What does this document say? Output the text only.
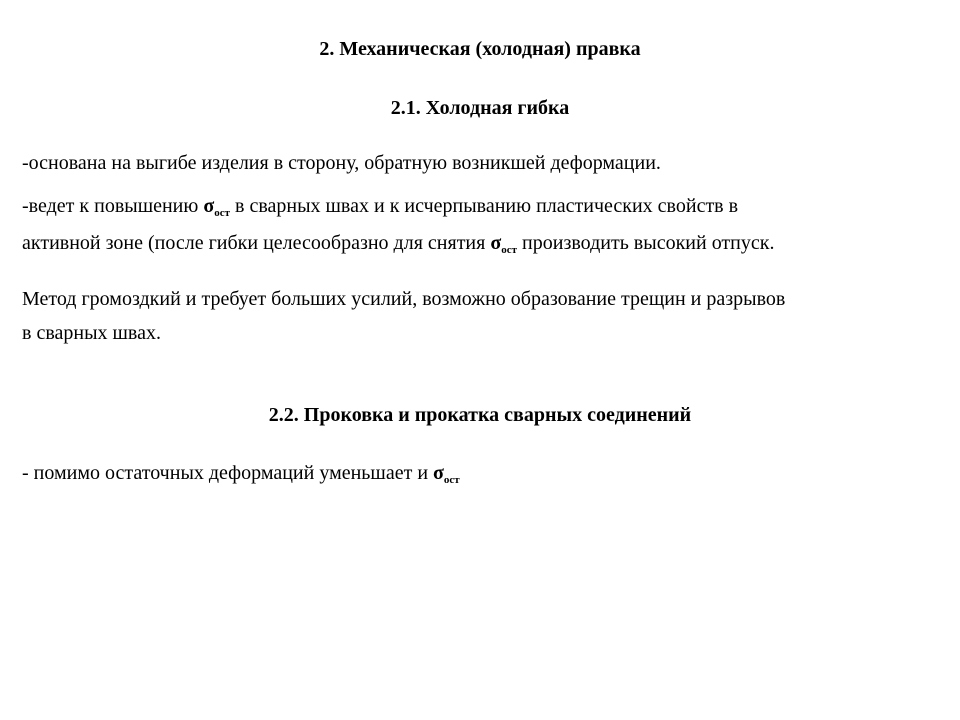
2. Механическая (холодная) правка
2.1. Холодная гибка

-основана на выгибе изделия в сторону, обратную возникшей деформации.

-ведет к повышению $\sigma_{ост}$ в сварных швах и к исчерпыванию пластических свойств в
активной зоне (после гибки целесообразно для снятия $\sigma_{ост}$ производить высокий отпуск.

Метод громоздкий и требует больших усилий, возможно образование трещин и разрывов
в сварных швах.

2.2. Проковка и прокатка сварных соединений

- помимо остаточных деформаций уменьшает и $\sigma_{ост}$
